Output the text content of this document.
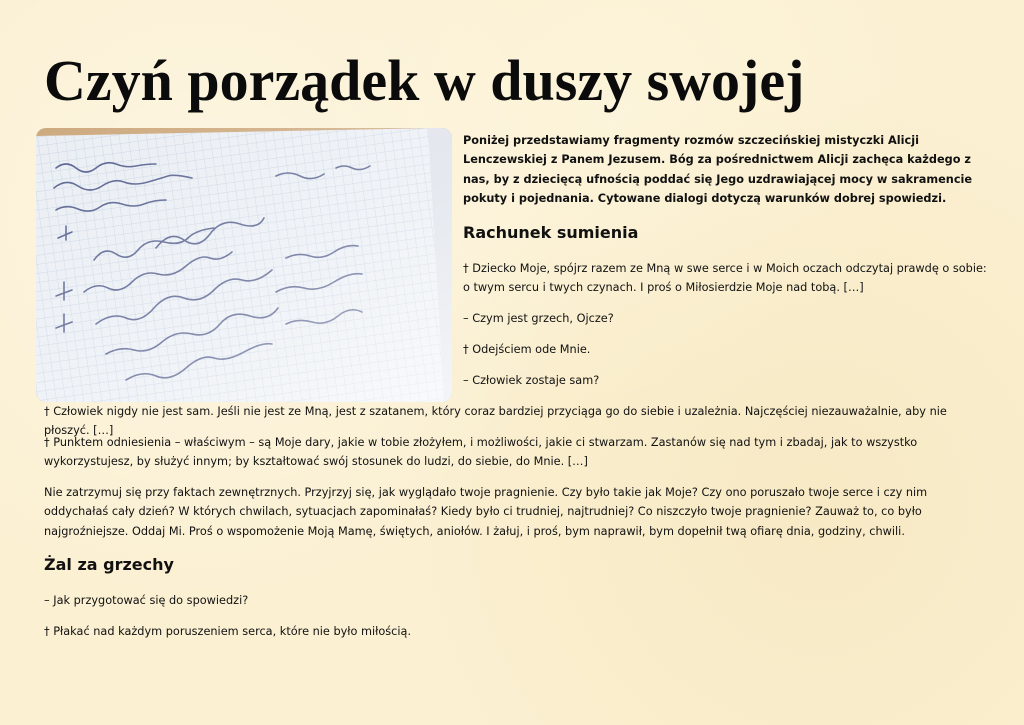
Czyń porządek w duszy swojej

Poniżej przedstawiamy fragmenty rozmów szczecińskiej mistyczki Alicji Lenczewskiej z Panem Jezusem. Bóg za pośrednictwem Alicji zachęca każdego z nas, by z dziecięcą ufnością poddać się Jego uzdrawiającej mocy w sakramencie pokuty i pojednania. Cytowane dialogi dotyczą warunków dobrej spowiedzi.

Rachunek sumienia

† Dziecko Moje, spójrz razem ze Mną w swe serce i w Moich oczach odczytaj prawdę o sobie: o twym sercu i twych czynach. I proś o Miłosierdzie Moje nad tobą. […]

– Czym jest grzech, Ojcze?

† Odejściem ode Mnie.

– Człowiek zostaje sam?

† Człowiek nigdy nie jest sam. Jeśli nie jest ze Mną, jest z szatanem, który coraz bardziej przyciąga go do siebie i uzależnia. Najczęściej niezauważalnie, aby nie płoszyć. […]

† Punktem odniesienia – właściwym – są Moje dary, jakie w tobie złożyłem, i możliwości, jakie ci stwarzam. Zastanów się nad tym i zbadaj, jak to wszystko wykorzystujesz, by służyć innym; by kształtować swój stosunek do ludzi, do siebie, do Mnie. […]

Nie zatrzymuj się przy faktach zewnętrznych. Przyjrzyj się, jak wyglądało twoje pragnienie. Czy było takie jak Moje? Czy ono poruszało twoje serce i czy nim oddychałaś cały dzień? W których chwilach, sytuacjach zapominałaś? Kiedy było ci trudniej, najtrudniej? Co niszczyło twoje pragnienie? Zauważ to, co było najgroźniejsze. Oddaj Mi. Proś o wspomożenie Moją Mamę, świętych, aniołów. I żałuj, i proś, bym naprawił, bym dopełnił twą ofiarę dnia, godziny, chwili.

Żal za grzechy

– Jak przygotować się do spowiedzi?

† Płakać nad każdym poruszeniem serca, które nie było miłością.
